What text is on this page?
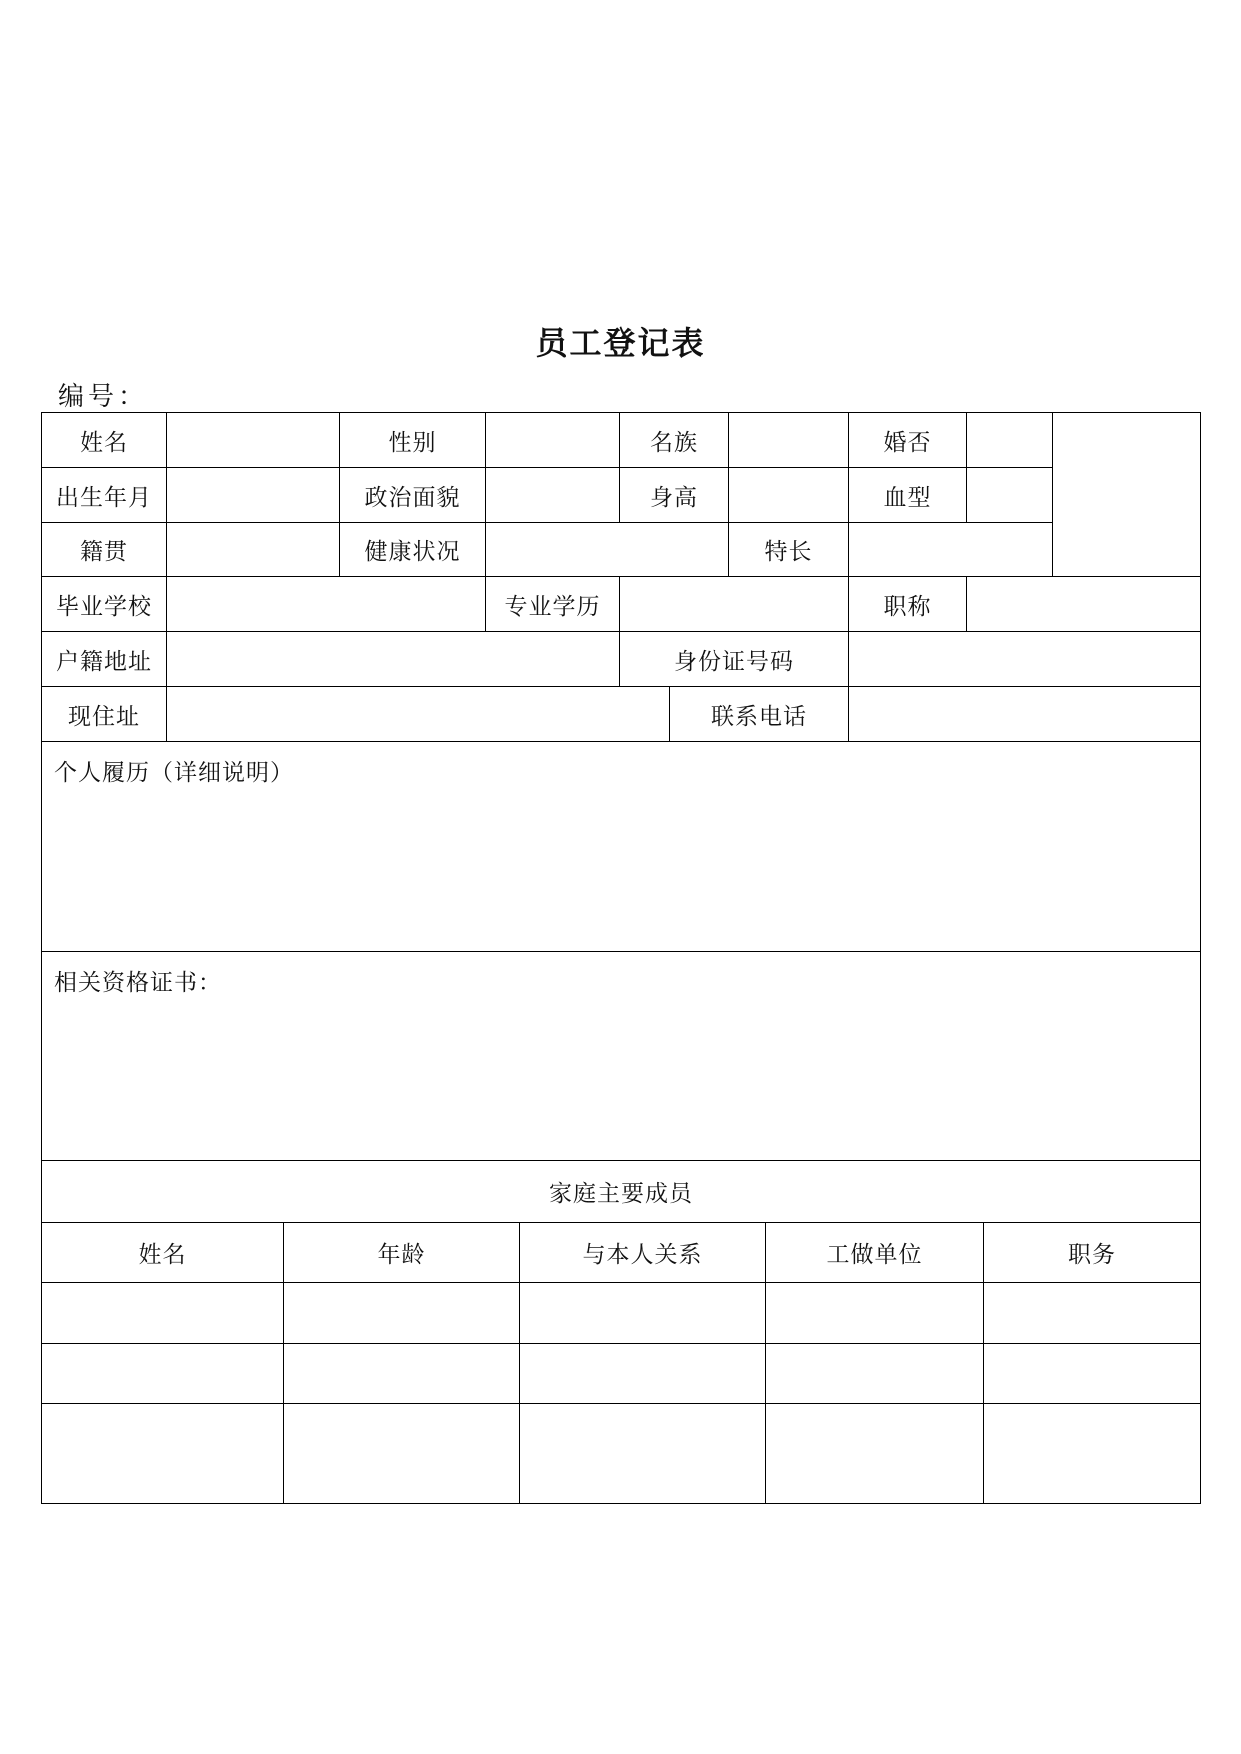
员工登记表
编号：
姓名	性别	名族	婚否
出生年月	政治面貌	身高	血型
籍贯	健康状况	特长
毕业学校	专业学历	职称
户籍地址	身份证号码
现住址	联系电话
个人履历（详细说明）
相关资格证书：
家庭主要成员
姓名	年龄	与本人关系	工做单位	职务
